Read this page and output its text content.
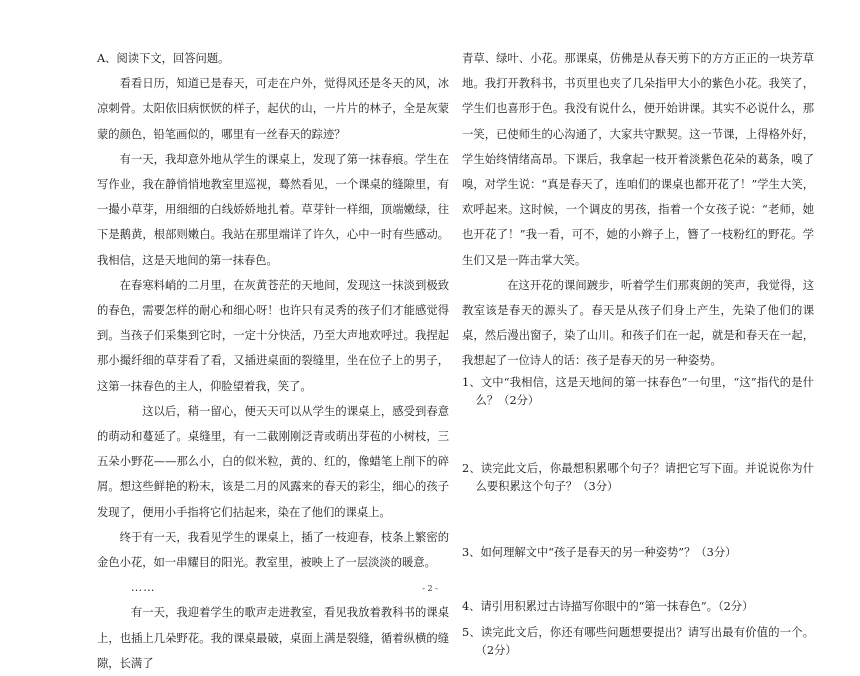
A、阅读下文，回答问题。

看看日历，知道已是春天，可走在户外，觉得风还是冬天的风，冰凉刺骨。太阳依旧病恹恹的样子，起伏的山，一片片的林子，全是灰蒙蒙的颜色，铅笔画似的，哪里有一丝春天的踪迹？

有一天，我却意外地从学生的课桌上，发现了第一抹春痕。学生在写作业，我在静悄悄地教室里巡视，蓦然看见，一个课桌的缝隙里，有一撮小草芽，用细细的白线娇娇地扎着。草芽针一样细，顶端嫩绿，往下是鹅黄，根部则嫩白。我站在那里端详了许久，心中一时有些感动。我相信，这是天地间的第一抹春色。

在春寒料峭的二月里，在灰黄苍茫的天地间，发现这一抹淡到极致的春色，需要怎样的耐心和细心呀！也许只有灵秀的孩子们才能感觉得到。当孩子们采集到它时，一定十分快活，乃至大声地欢呼过。我捏起那小撮纤细的草芽看了看，又插进桌面的裂缝里，坐在位子上的男子，这第一抹春色的主人，仰脸望着我，笑了。

这以后，稍一留心，便天天可以从学生的课桌上，感受到春意的萌动和蔓延了。桌缝里，有一二截刚刚泛青或萌出芽苞的小树枝，三五朵小野花——那么小，白的似米粒，黄的、红的，像蜡笔上削下的碎屑。想这些鲜艳的粉末，该是二月的风露来的春天的彩尘，细心的孩子发现了，便用小手指将它们拈起来，染在了他们的课桌上。

终于有一天，我看见学生的课桌上，插了一枝迎春，枝条上繁密的金色小花，如一串耀目的阳光。教室里，被映上了一层淡淡的暖意。

……

有一天，我迎着学生的歌声走进教室，看见我放着教科书的课桌上，也插上几朵野花。我的课桌最破，桌面上满是裂缝，循着纵横的缝隙，长满了

青草、绿叶、小花。那课桌，仿佛是从春天剪下的方方正正的一块芳草地。我打开教科书，书页里也夹了几朵指甲大小的紫色小花。我笑了，学生们也喜形于色。我没有说什么，便开始讲课。其实不必说什么，那一笑，已使师生的心沟通了，大家共守默契。这一节课，上得格外好，学生始终情绪高昂。下课后，我拿起一枝开着淡紫色花朵的葛条，嗅了嗅，对学生说：“真是春天了，连咱们的课桌也都开花了！”学生大笑，欢呼起来。这时候，一个调皮的男孩，指着一个女孩子说：“老师，她也开花了！”我一看，可不，她的小辫子上，簪了一枝粉红的野花。学生们又是一阵击掌大笑。

在这开花的课间踱步，听着学生们那爽朗的笑声，我觉得，这教室该是春天的源头了。春天是从孩子们身上产生，先染了他们的课桌，然后漫出窗子，染了山川。和孩子们在一起，就是和春天在一起，我想起了一位诗人的话：孩子是春天的另一种姿势。

1、文中“我相信，这是天地间的第一抹春色”一句里，“这”指代的是什么？（2分）

2、读完此文后，你最想积累哪个句子？请把它写下面。并说说你为什么要积累这个句子？（3分）

3、如何理解文中“孩子是春天的另一种姿势”？（3分）

4、请引用积累过古诗描写你眼中的“第一抹春色”。（2分）

5、读完此文后，你还有哪些问题想要提出？请写出最有价值的一个。（2分）

- 2 -
